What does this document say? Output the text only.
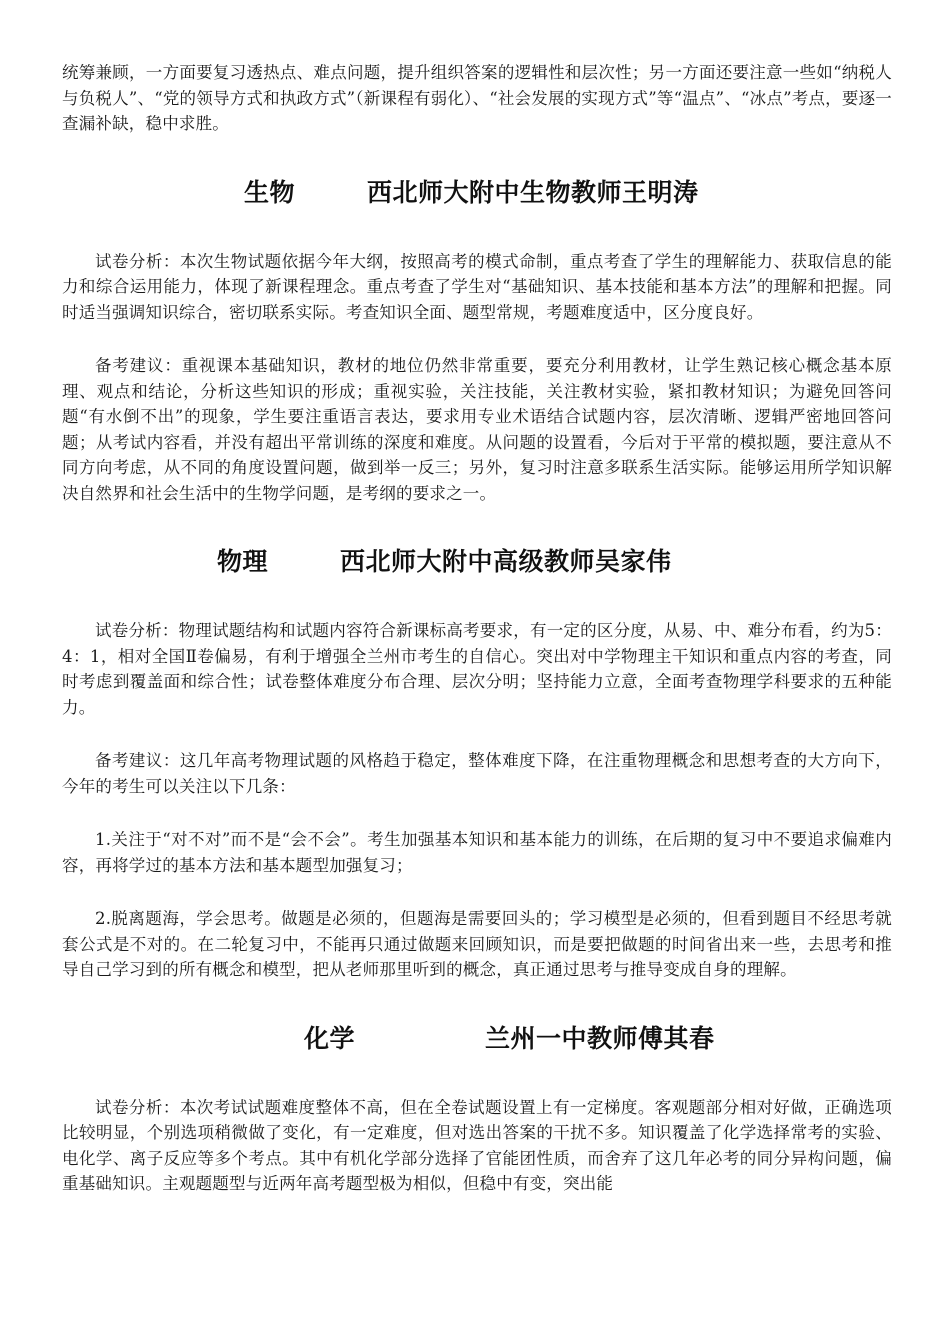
统筹兼顾，一方面要复习透热点、难点问题，提升组织答案的逻辑性和层次性；另一方面还要注意一些如“纳税人与负税人”、“党的领导方式和执政方式”（新课程有弱化）、“社会发展的实现方式”等“温点”、“冰点”考点，要逐一查漏补缺，稳中求胜。

生物	西北师大附中生物教师王明涛

试卷分析：本次生物试题依据今年大纲，按照高考的模式命制，重点考查了学生的理解能力、获取信息的能力和综合运用能力，体现了新课程理念。重点考查了学生对“基础知识、基本技能和基本方法”的理解和把握。同时适当强调知识综合，密切联系实际。考查知识全面、题型常规，考题难度适中，区分度良好。

备考建议：重视课本基础知识，教材的地位仍然非常重要，要充分利用教材，让学生熟记核心概念基本原理、观点和结论，分析这些知识的形成；重视实验，关注技能，关注教材实验，紧扣教材知识；为避免回答问题“有水倒不出”的现象，学生要注重语言表达，要求用专业术语结合试题内容，层次清晰、逻辑严密地回答问题；从考试内容看，并没有超出平常训练的深度和难度。从问题的设置看，今后对于平常的模拟题，要注意从不同方向考虑，从不同的角度设置问题，做到举一反三；另外，复习时注意多联系生活实际。能够运用所学知识解决自然界和社会生活中的生物学问题，是考纲的要求之一。

物理	西北师大附中高级教师吴家伟

试卷分析：物理试题结构和试题内容符合新课标高考要求，有一定的区分度，从易、中、难分布看，约为5：4：1，相对全国Ⅱ卷偏易，有利于增强全兰州市考生的自信心。突出对中学物理主干知识和重点内容的考查，同时考虑到覆盖面和综合性；试卷整体难度分布合理、层次分明；坚持能力立意，全面考查物理学科要求的五种能力。

备考建议：这几年高考物理试题的风格趋于稳定，整体难度下降，在注重物理概念和思想考查的大方向下，今年的考生可以关注以下几条：

1.关注于“对不对”而不是“会不会”。考生加强基本知识和基本能力的训练，在后期的复习中不要追求偏难内容，再将学过的基本方法和基本题型加强复习；

2.脱离题海，学会思考。做题是必须的，但题海是需要回头的；学习模型是必须的，但看到题目不经思考就套公式是不对的。在二轮复习中，不能再只通过做题来回顾知识，而是要把做题的时间省出来一些，去思考和推导自己学习到的所有概念和模型，把从老师那里听到的概念，真正通过思考与推导变成自身的理解。

化学	兰州一中教师傅其春

试卷分析：本次考试试题难度整体不高，但在全卷试题设置上有一定梯度。客观题部分相对好做，正确选项比较明显，个别选项稍微做了变化，有一定难度，但对选出答案的干扰不多。知识覆盖了化学选择常考的实验、电化学、离子反应等多个考点。其中有机化学部分选择了官能团性质，而舍弃了这几年必考的同分异构问题，偏重基础知识。主观题题型与近两年高考题型极为相似，但稳中有变，突出能
